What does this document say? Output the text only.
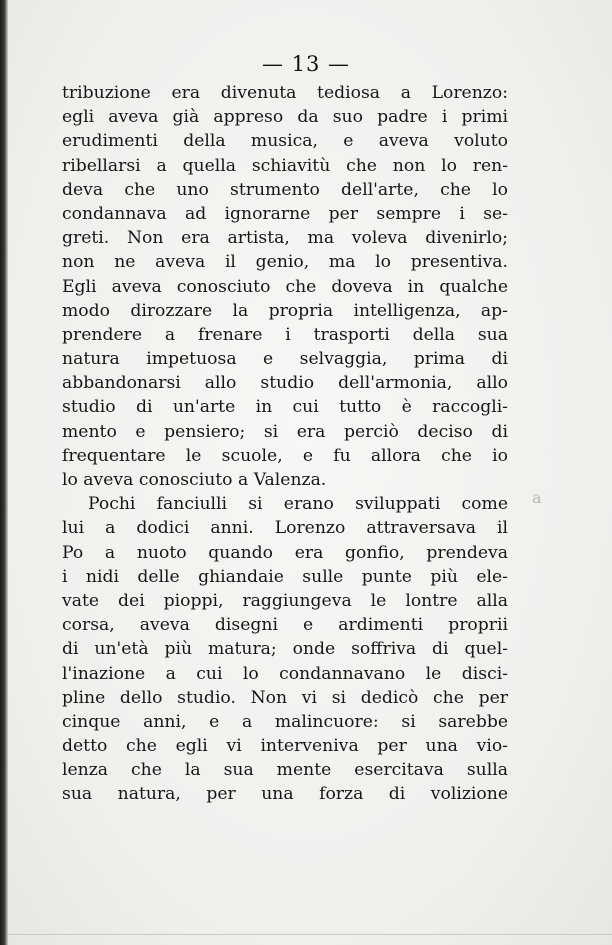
— 13 —
tribuzione era divenuta tediosa a Lorenzo:
egli aveva già appreso da suo padre i primi
erudimenti della musica, e aveva voluto
ribellarsi a quella schiavitù che non lo ren-
deva che uno strumento dell'arte, che lo
condannava ad ignorarne per sempre i se-
greti. Non era artista, ma voleva divenirlo;
non ne aveva il genio, ma lo presentiva.
Egli aveva conosciuto che doveva in qualche
modo dirozzare la propria intelligenza, ap-
prendere a frenare i trasporti della sua
natura impetuosa e selvaggia, prima di
abbandonarsi allo studio dell'armonia, allo
studio di un'arte in cui tutto è raccogli-
mento e pensiero; si era perciò deciso di
frequentare le scuole, e fu allora che io
lo aveva conosciuto a Valenza.
Pochi fanciulli si erano sviluppati come
lui a dodici anni. Lorenzo attraversava il
Po a nuoto quando era gonfio, prendeva
i nidi delle ghiandaie sulle punte più ele-
vate dei pioppi, raggiungeva le lontre alla
corsa, aveva disegni e ardimenti proprii
di un'età più matura; onde soffriva di quel-
l'inazione a cui lo condannavano le disci-
pline dello studio. Non vi si dedicò che per
cinque anni, e a malincuore: si sarebbe
detto che egli vi interveniva per una vio-
lenza che la sua mente esercitava sulla
sua natura, per una forza di volizione
a
